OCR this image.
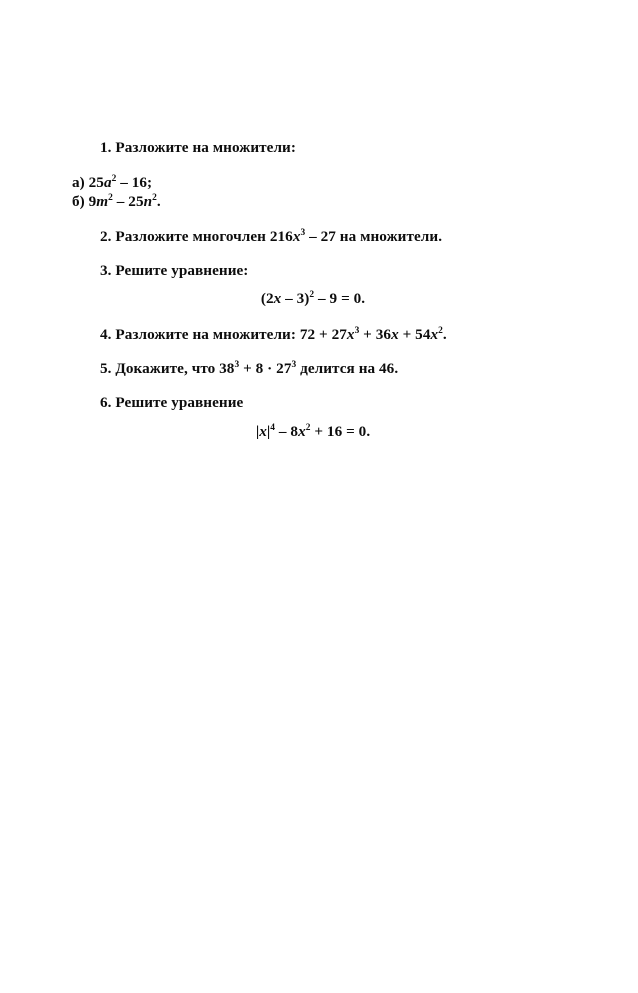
1. Разложите на множители:
а) $25a^2 - 16$;
б) $9m^2 - 25n^2$.
2. Разложите многочлен $216x^3 - 27$ на множители.
3. Решите уравнение:
(2x – 3)$^2$ – 9 = 0.
4. Разложите на множители: $72 + 27x^3 + 36x + 54x^2$.
5. Докажите, что $38^3 + 8 \cdot 27^3$ делится на 46.
6. Решите уравнение
$|x|^4 - 8x^2 + 16 = 0$.
